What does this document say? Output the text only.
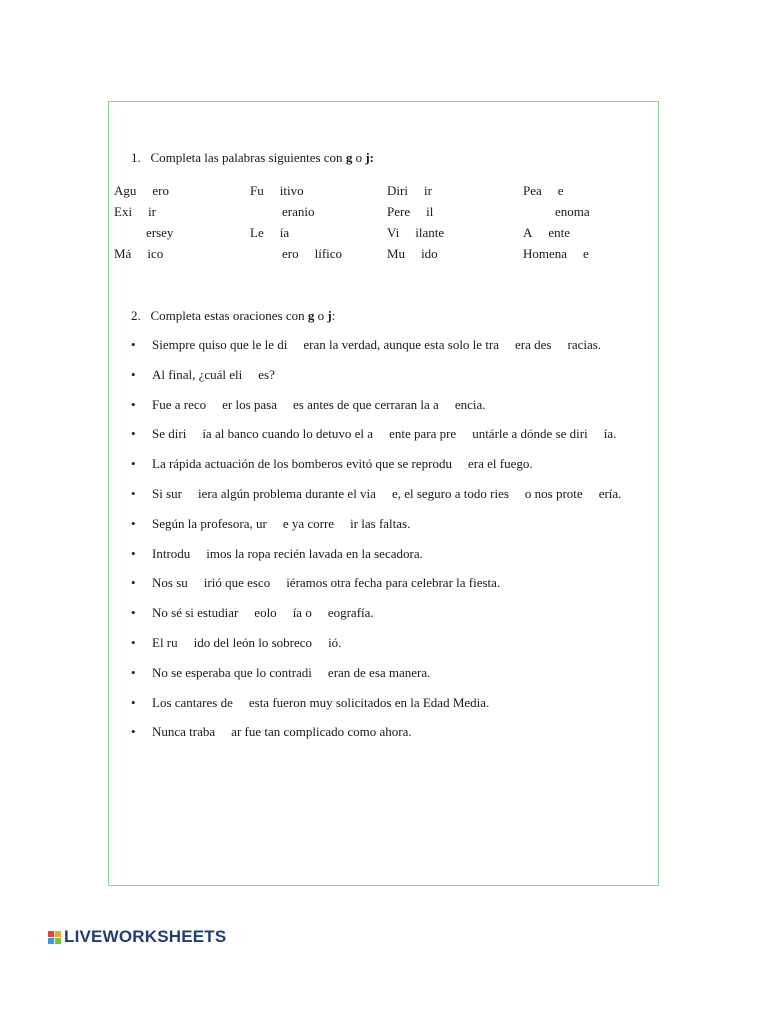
1. Completa las palabras siguientes con g o j:
Agu ero	Fu itivo	Diri ir	Pea e
Exi ir	eranio	Pere il	enoma
ersey	Le ía	Vi ilante	A ente
Má ico	ero lífico	Mu ido	Homena e
2. Completa estas oraciones con g o j:
• Siempre quiso que le le di eran la verdad, aunque esta solo le tra era des racias.
• Al final, ¿cuál eli es?
• Fue a reco er los pasa es antes de que cerraran la a encia.
• Se diri ía al banco cuando lo detuvo el a ente para pre untárle a dónde se diri ía.
• La rápida actuación de los bomberos evitó que se reprodu era el fuego.
• Si sur iera algún problema durante el via e, el seguro a todo ries o nos prote ería.
• Según la profesora, ur e ya corre ir las faltas.
• Introdu imos la ropa recién lavada en la secadora.
• Nos su irió que esco iéramos otra fecha para celebrar la fiesta.
• No sé si estudiar eolo ía o eografía.
• El ru ido del león lo sobreco ió.
• No se esperaba que lo contradi eran de esa manera.
• Los cantares de esta fueron muy solicitados en la Edad Media.
• Nunca traba ar fue tan complicado como ahora.
LIVEWORKSHEETS
